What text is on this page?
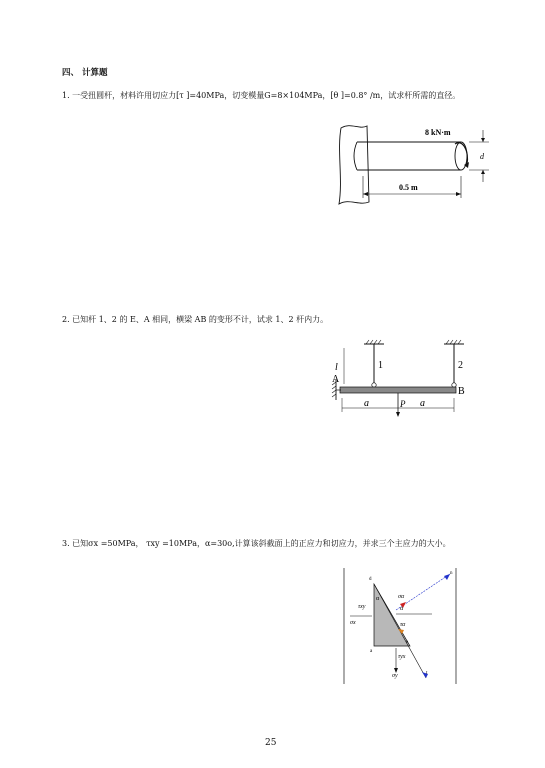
四、 计算题
1. 一受扭圆杆，材料许用切应力[τ ]=40MPa，切变模量G=8×104MPa，[θ ]=0.8° /m，试求杆所需的直径。
8 kN·m
d
0.5 m
2. 已知杆 1、2 的 E、A 相同，横梁 AB 的变形不计，试求 1、2 杆内力。
l	1	2
A
B
a	P a
3. 已知σx =50MPa， τxy =10MPa，α=30o,计算该斜截面上的正应力和切应力，并求三个主应力的大小。
n
d
α
α
σα
τxy
σx	τα
e
a
τyx
σy	t
25
